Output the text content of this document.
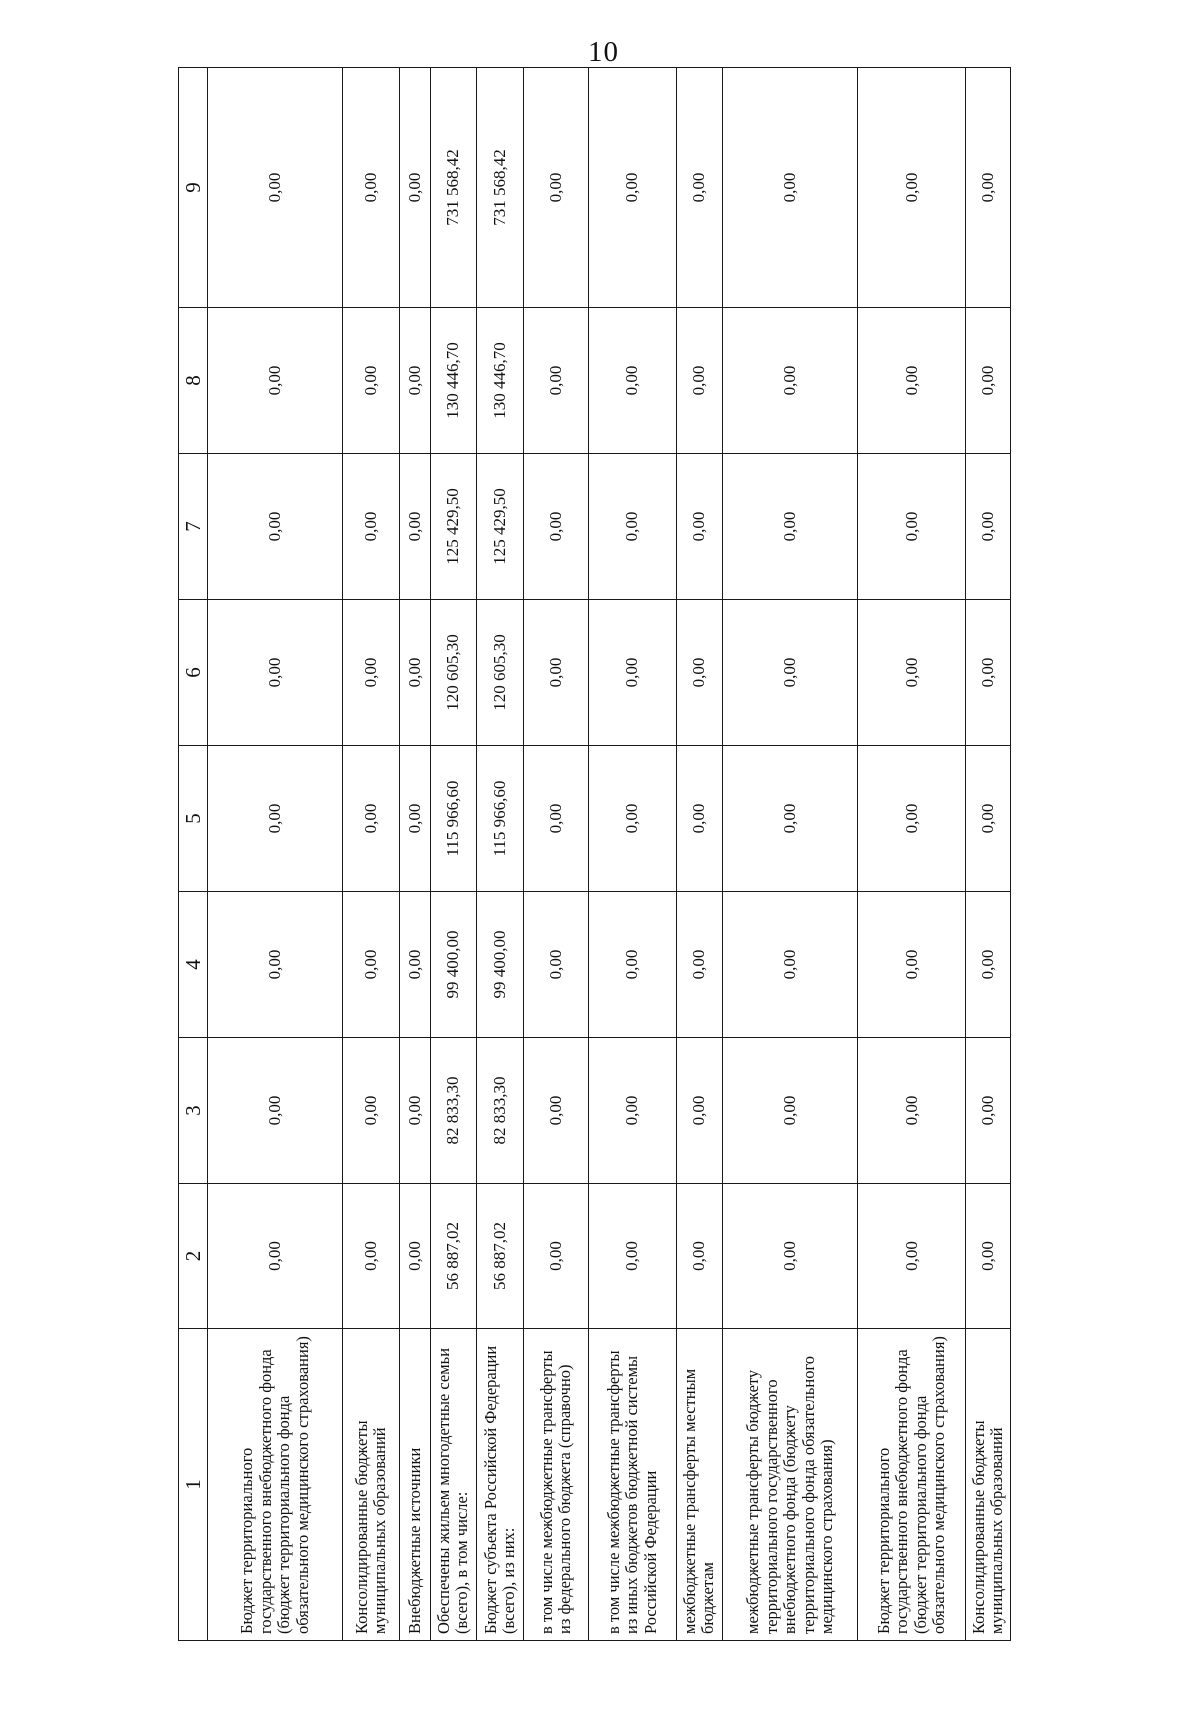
10
1	2	3	4	5	6	7	8	9
Бюджет территориального государственного внебюджетного фонда (бюджет территориального фонда обязательного медицинского страхования)	0,00	0,00	0,00	0,00	0,00	0,00	0,00	0,00
Консолидированные бюджеты муниципальных образований	0,00	0,00	0,00	0,00	0,00	0,00	0,00	0,00
Внебюджетные источники	0,00	0,00	0,00	0,00	0,00	0,00	0,00	0,00
Обеспечены жильем многодетные семьи (всего), в том числе:	56 887,02	82 833,30	99 400,00	115 966,60	120 605,30	125 429,50	130 446,70	731 568,42
Бюджет субъекта Российской Федерации (всего), из них:	56 887,02	82 833,30	99 400,00	115 966,60	120 605,30	125 429,50	130 446,70	731 568,42
в том числе межбюджетные трансферты из федерального бюджета (справочно)	0,00	0,00	0,00	0,00	0,00	0,00	0,00	0,00
в том числе межбюджетные трансферты из иных бюджетов бюджетной системы Российской Федерации	0,00	0,00	0,00	0,00	0,00	0,00	0,00	0,00
межбюджетные трансферты местным бюджетам	0,00	0,00	0,00	0,00	0,00	0,00	0,00	0,00
межбюджетные трансферты бюджету территориального государственного внебюджетного фонда (бюджету территориального фонда обязательного медицинского страхования)	0,00	0,00	0,00	0,00	0,00	0,00	0,00	0,00
Бюджет территориального государственного внебюджетного фонда (бюджет территориального фонда обязательного медицинского страхования)	0,00	0,00	0,00	0,00	0,00	0,00	0,00	0,00
Консолидированные бюджеты муниципальных образований	0,00	0,00	0,00	0,00	0,00	0,00	0,00	0,00
